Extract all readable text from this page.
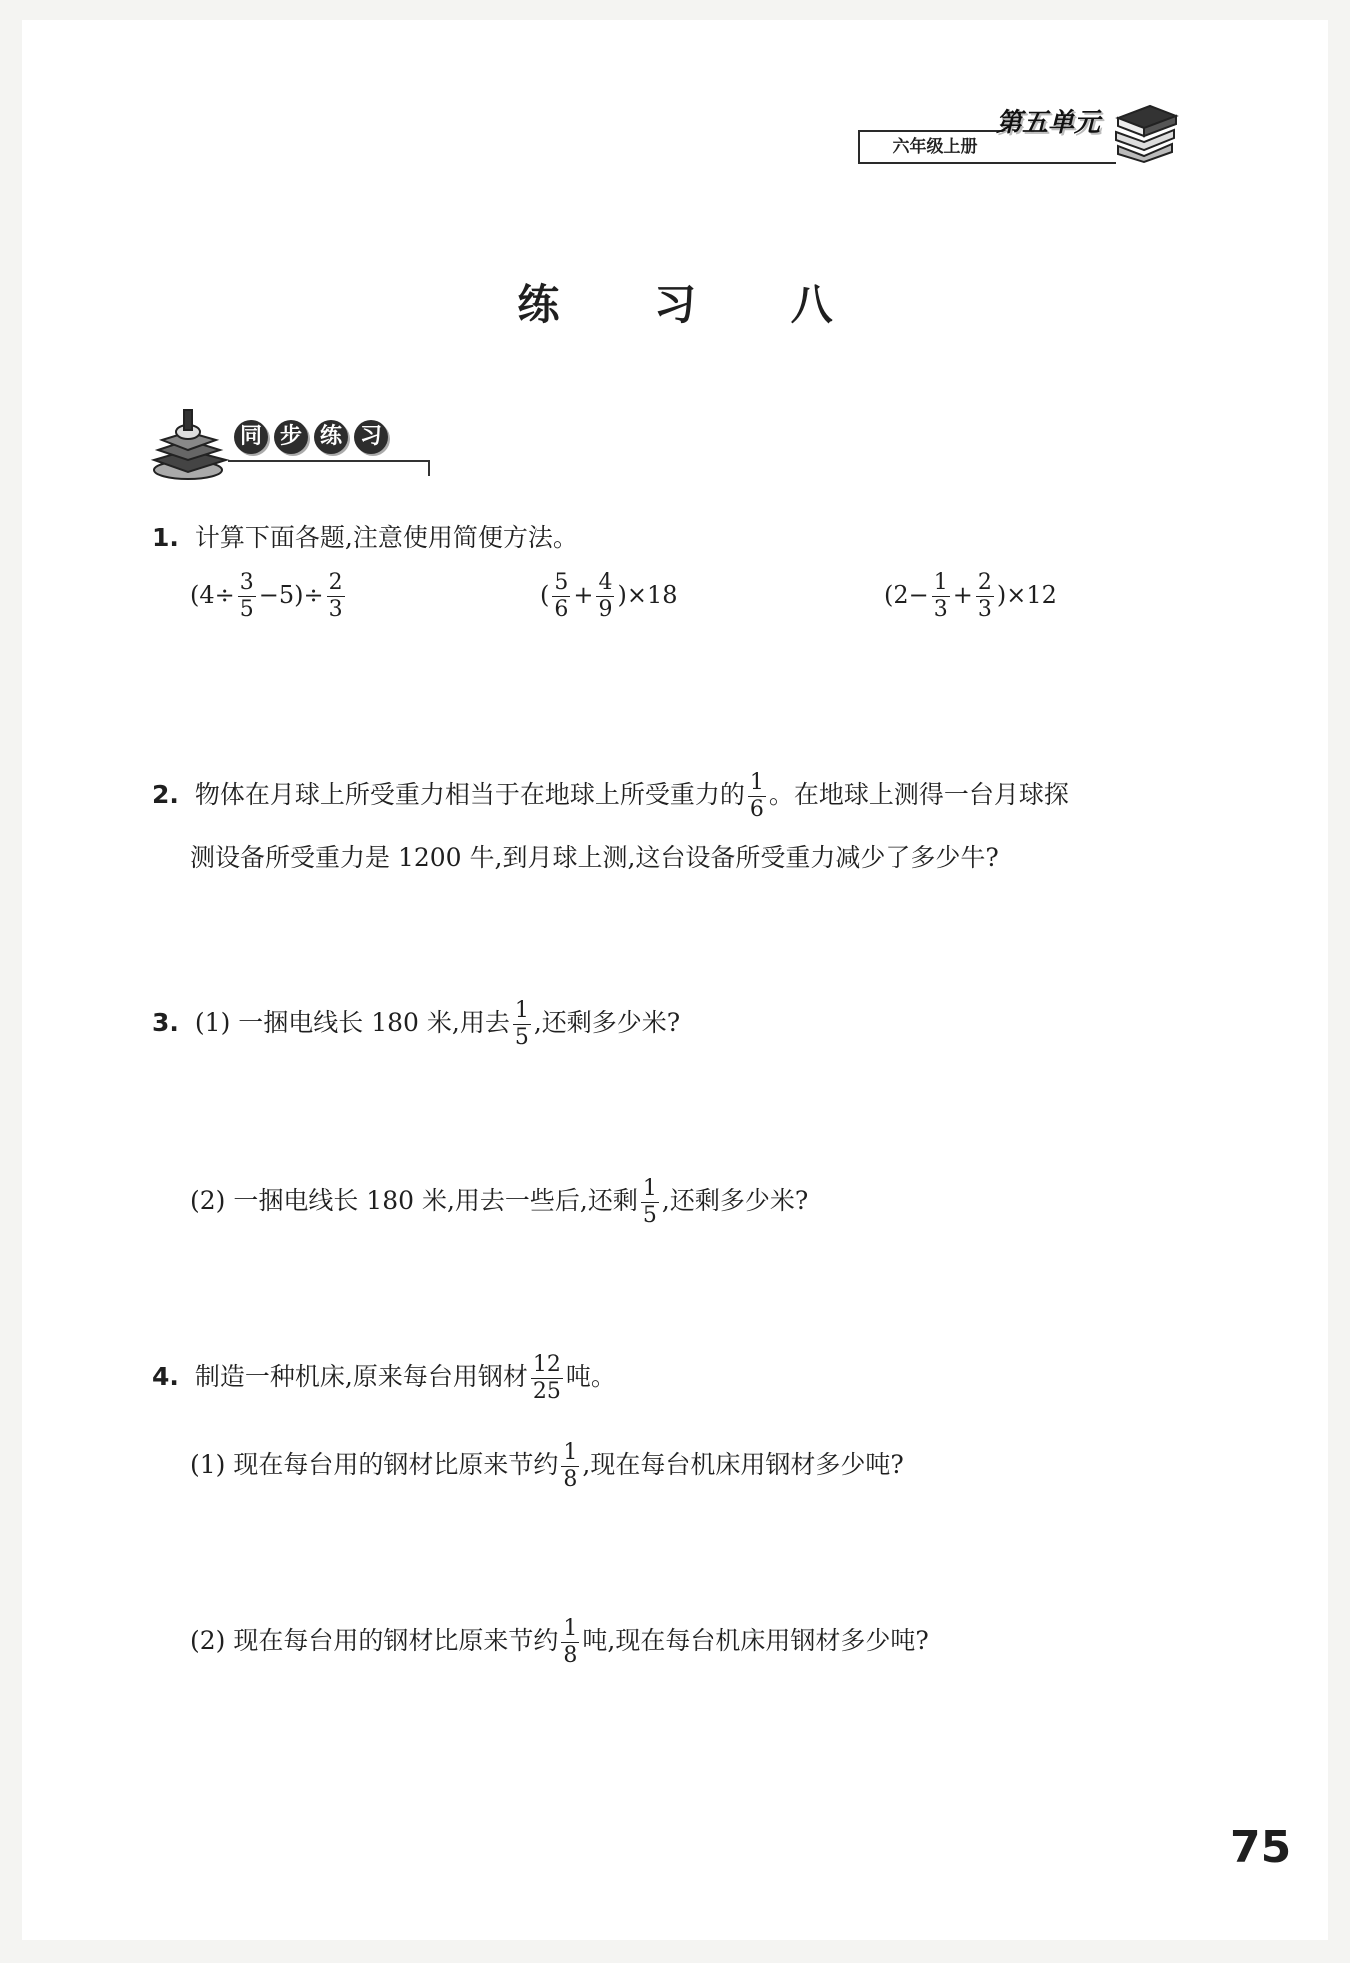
六年级上册
第五单元
练 习 八
同 步 练 习
1. 计算下面各题,注意使用简便方法。
$(4\div \frac{3}{5} -5)\div \frac{2}{3}$	( $\frac{5}{6} + \frac{4}{9} )\times 18$	$(2- \frac{1}{3} + \frac{2}{3} )\times 12$
2. 物体在月球上所受重力相当于在地球上所受重力的 $\frac{1}{6}$ 。在地球上测得一台月球探
测设备所受重力是 1200 牛,到月球上测,这台设备所受重力减少了多少牛?
3. (1) 一捆电线长 180 米,用去 $\frac{1}{5}$ ,还剩多少米?
(2) 一捆电线长 180 米,用去一些后,还剩 $\frac{1}{5}$ ,还剩多少米?
4. 制造一种机床,原来每台用钢材 $\frac{12}{25}$ 吨。
(1) 现在每台用的钢材比原来节约 $\frac{1}{8}$ ,现在每台机床用钢材多少吨?
(2) 现在每台用的钢材比原来节约 $\frac{1}{8}$ 吨,现在每台机床用钢材多少吨?
75
